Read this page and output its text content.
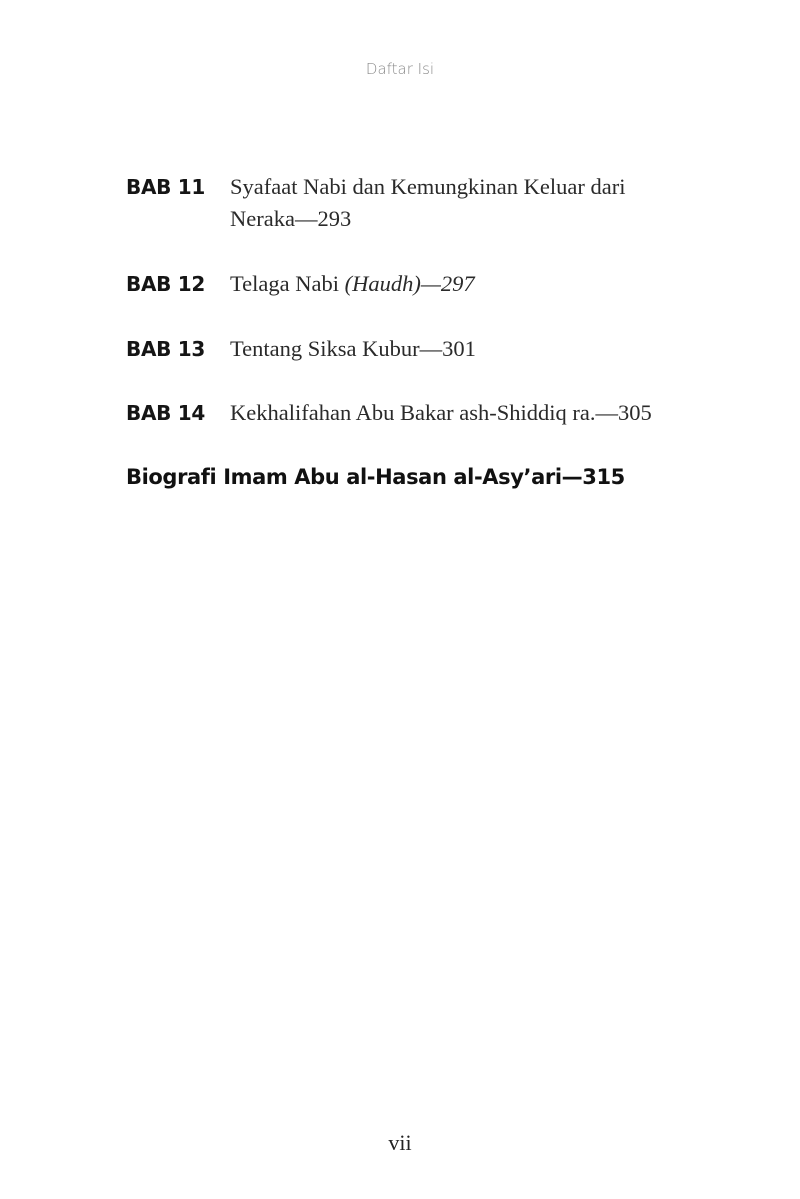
Daftar Isi
BAB 11	Syafaat Nabi dan Kemungkinan Keluar dari
Neraka—293
BAB 12	Telaga Nabi (Haudh)—297
BAB 13	Tentang Siksa Kubur—301
BAB 14	Kekhalifahan Abu Bakar ash-Shiddiq ra.—305
Biografi Imam Abu al-Hasan al-Asy’ari—315
vii
